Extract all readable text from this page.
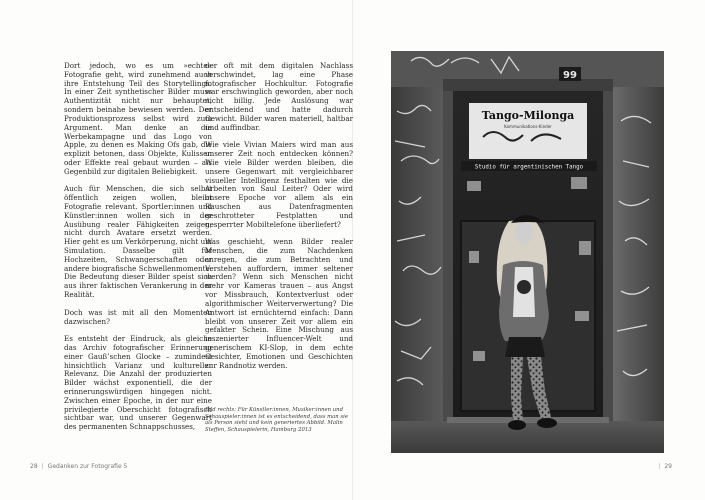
Dort jedoch, wo es um »echte« Fotografie geht, wird zunehmend auch ihre Entstehung Teil des Storytellings. In einer Zeit synthetischer Bilder muss Authentizität nicht nur behauptet, sondern beinahe bewiesen werden. Der Produktionsprozess selbst wird zum Argument. Man denke an die Werbekampagne und das Logo von Apple, zu denen es Making Ofs gab, die explizit betonen, dass Objekte, Kulissen oder Effekte real gebaut wurden – als Gegenbild zur digitalen Beliebigkeit.

Auch für Menschen, die sich selbst öffentlich zeigen wollen, bleibt Fotografie relevant. Sportler:innen und Künstler:innen wollen sich in der Ausübung realer Fähigkeiten zeigen, nicht durch Avatare ersetzt werden. Hier geht es um Verkörperung, nicht um Simulation. Dasselbe gilt für Hochzeiten, Schwangerschaften oder andere biografische Schwellenmomente. Die Bedeutung dieser Bilder speist sich aus ihrer faktischen Verankerung in der Realität.

Doch was ist mit all den Momenten dazwischen?

Es entsteht der Eindruck, als gleiche das Archiv fotografischer Erinnerung einer Gauß’schen Glocke – zumindest hinsichtlich Varianz und kultureller Relevanz. Die Anzahl der produzierten Bilder wächst exponentiell, die der erinnerungswürdigen hingegen nicht. Zwischen einer Epoche, in der nur eine privilegierte Oberschicht fotografisch sichtbar war, und unserer Gegenwart des permanenten Schnappschusses,

der oft mit dem digitalen Nachlass verschwindet, lag eine Phase fotografischer Hochkultur. Fotografie war erschwinglich geworden, aber noch nicht billig. Jede Auslösung war entscheidend und hatte dadurch Gewicht. Bilder waren materiell, haltbar und auffindbar.

Wie viele Vivian Maiers wird man aus unserer Zeit noch entdecken können? Wie viele Bilder werden bleiben, die unsere Gegenwart mit vergleichbarer visueller Intelligenz festhalten wie die Arbeiten von Saul Leiter? Oder wird unsere Epoche vor allem als ein Rauschen aus Datenfragmenten geschrotteter Festplatten und gesperrter Mobiltelefone überliefert?

Was geschieht, wenn Bilder realer Menschen, die zum Nachdenken anregen, die zum Betrachten und Verstehen auffordern, immer seltener werden? Wenn sich Menschen nicht mehr vor Kameras trauen – aus Angst vor Missbrauch, Kontextverlust oder algorithmischer Weiterverwertung? Die Antwort ist ernüchternd einfach: Dann bleibt von unserer Zeit vor allem ein gefakter Schein. Eine Mischung aus inszenierter Influencer-Welt und generischem KI-Slop, in dem echte Gesichter, Emotionen und Geschichten zur Randnotiz werden.

Bild rechts: Für Künstler:innen, Musiker:innen und Schauspieler:innen ist es entscheidend, dass man sie als Person sieht und kein generiertes Abbild. Malin Steffen, Schauspielerin, Hamburg 2013
Tango-Milonga
Kommunikations-Kinder
Studio für argentinischen Tango
99
28 | Gedanken zur Fotografie 5	| 29
